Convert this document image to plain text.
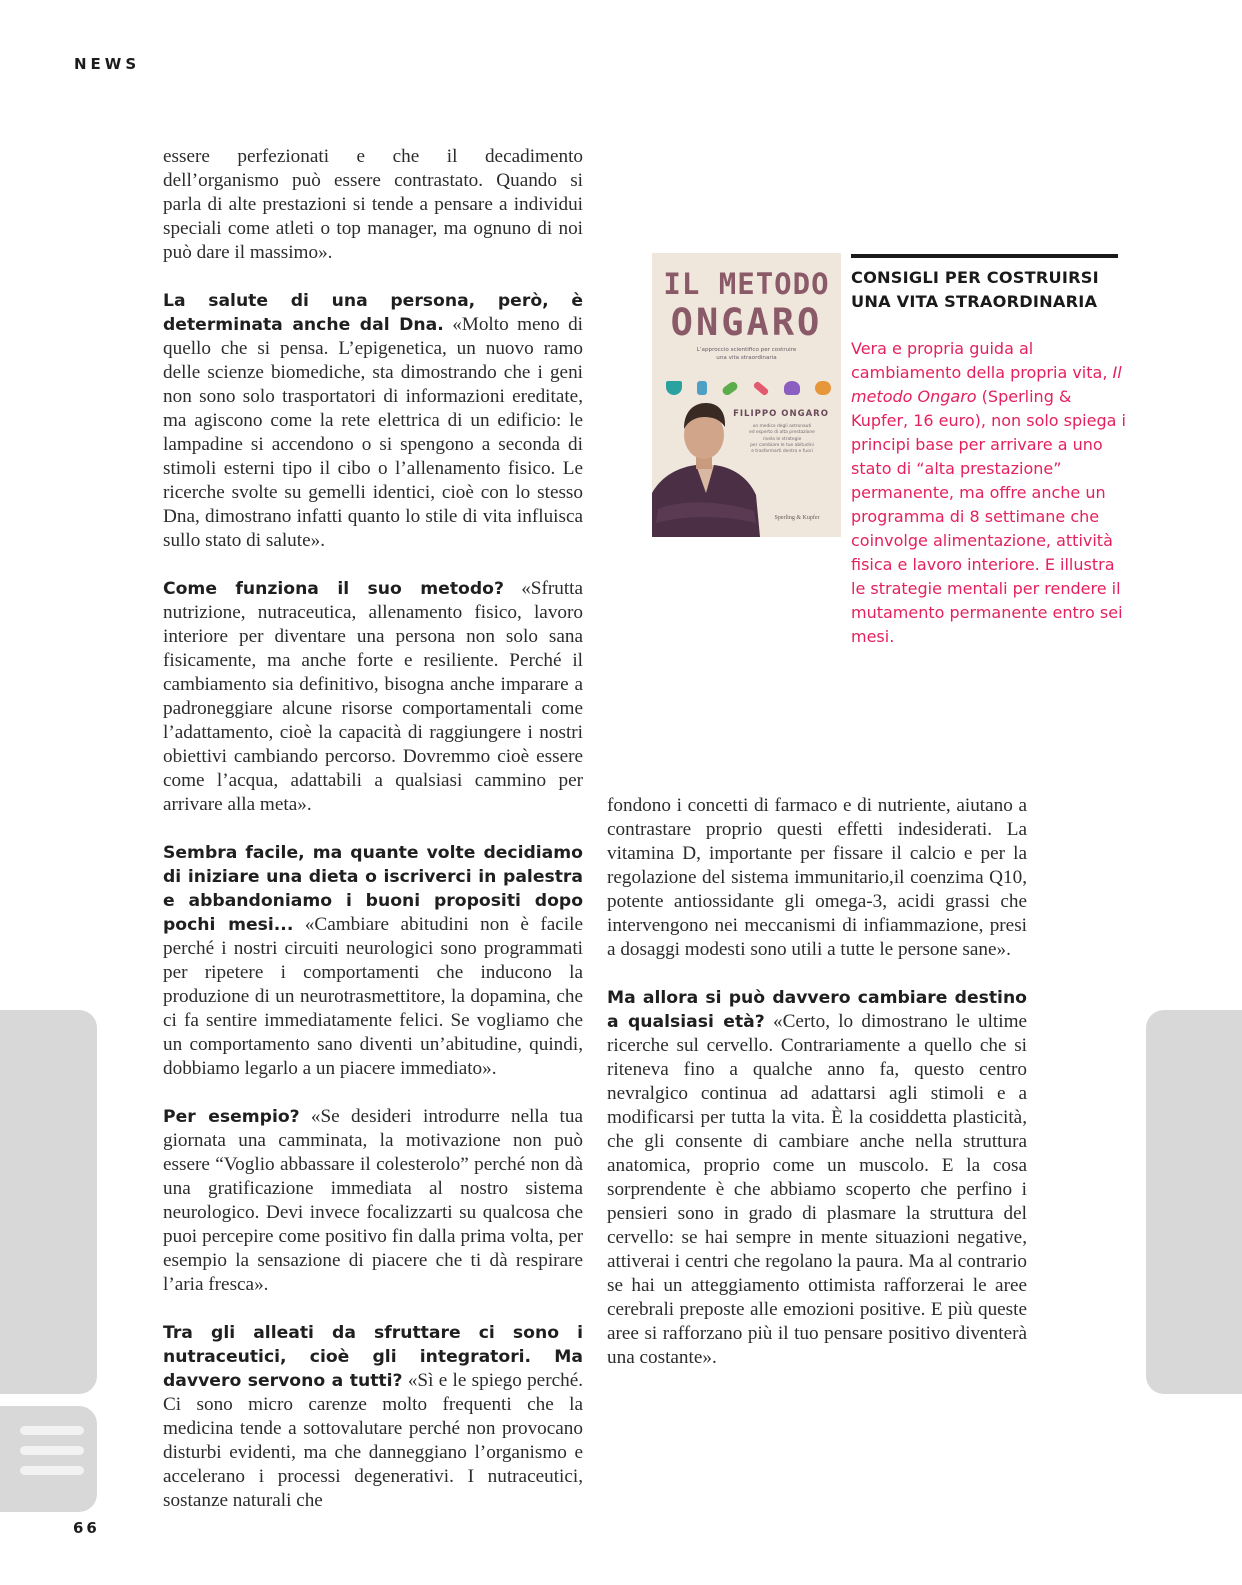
NEWS

essere perfezionati e che il decadimento dell’organismo può essere contrastato. Quando si parla di alte prestazioni si tende a pensare a individui speciali come atleti o top manager, ma ognuno di noi può dare il massimo».

La salute di una persona, però, è determinata anche dal Dna. «Molto meno di quello che si pensa. L’epigenetica, un nuovo ramo delle scienze biomediche, sta dimostrando che i geni non sono solo trasportatori di informazioni ereditate, ma agiscono come la rete elettrica di un edificio: le lampadine si accendono o si spengono a seconda di stimoli esterni tipo il cibo o l’allenamento fisico. Le ricerche svolte su gemelli identici, cioè con lo stesso Dna, dimostrano infatti quanto lo stile di vita influisca sullo stato di salute».

Come funziona il suo metodo? «Sfrutta nutrizione, nutraceutica, allenamento fisico, lavoro interiore per diventare una persona non solo sana fisicamente, ma anche forte e resiliente. Perché il cambiamento sia definitivo, bisogna anche imparare a padroneggiare alcune risorse comportamentali come l’adattamento, cioè la capacità di raggiungere i nostri obiettivi cambiando percorso. Dovremmo cioè essere come l’acqua, adattabili a qualsiasi cammino per arrivare alla meta».

Sembra facile, ma quante volte decidiamo di iniziare una dieta o iscriverci in palestra e abbandoniamo i buoni propositi dopo pochi mesi... «Cambiare abitudini non è facile perché i nostri circuiti neurologici sono programmati per ripetere i comportamenti che inducono la produzione di un neurotrasmettitore, la dopamina, che ci fa sentire immediatamente felici. Se vogliamo che un comportamento sano diventi un’abitudine, quindi, dobbiamo legarlo a un piacere immediato».

Per esempio? «Se desideri introdurre nella tua giornata una camminata, la motivazione non può essere “Voglio abbassare il colesterolo” perché non dà una gratificazione immediata al nostro sistema neurologico. Devi invece focalizzarti su qualcosa che puoi percepire come positivo fin dalla prima volta, per esempio la sensazione di piacere che ti dà respirare l’aria fresca».

Tra gli alleati da sfruttare ci sono i nutraceutici, cioè gli integratori. Ma davvero servono a tutti? «Sì e le spiego perché. Ci sono micro carenze molto frequenti che la medicina tende a sottovalutare perché non provocano disturbi evidenti, ma che danneggiano l’organismo e accelerano i processi degenerativi. I nutraceutici, sostanze naturali che

IL METODO
ONGARO
L’approccio scientifico per costruire
una vita straordinaria
FILIPPO ONGARO
un medico degli astronauti
ed esperto di alta prestazione
rivela le strategie
per cambiare le tue abitudini
e trasformarti dentro e fuori
Sperling & Kupfer
CONSIGLI PER COSTRUIRSI
UNA VITA STRAORDINARIA
Vera e propria guida al cambiamento della propria vita, Il metodo Ongaro (Sperling & Kupfer, 16 euro), non solo spiega i principi base per arrivare a uno stato di “alta prestazione” permanente, ma offre anche un programma di 8 settimane che coinvolge alimentazione, attività fisica e lavoro interiore. E illustra le strategie mentali per rendere il mutamento permanente entro sei mesi.

fondono i concetti di farmaco e di nutriente, aiutano a contrastare proprio questi effetti indesiderati. La vitamina D, importante per fissare il calcio e per la regolazione del sistema immunitario,il coenzima Q10, potente antiossidante gli omega-3, acidi grassi che intervengono nei meccanismi di infiammazione, presi a dosaggi modesti sono utili a tutte le persone sane».

Ma allora si può davvero cambiare destino a qualsiasi età? «Certo, lo dimostrano le ultime ricerche sul cervello. Contrariamente a quello che si riteneva fino a qualche anno fa, questo centro nevralgico continua ad adattarsi agli stimoli e a modificarsi per tutta la vita. È la cosiddetta plasticità, che gli consente di cambiare anche nella struttura anatomica, proprio come un muscolo. E la cosa sorprendente è che abbiamo scoperto che perfino i pensieri sono in grado di plasmare la struttura del cervello: se hai sempre in mente situazioni negative, attiverai i centri che regolano la paura. Ma al contrario se hai un atteggiamento ottimista rafforzerai le aree cerebrali preposte alle emozioni positive. E più queste aree si rafforzano più il tuo pensare positivo diventerà una costante».

66
